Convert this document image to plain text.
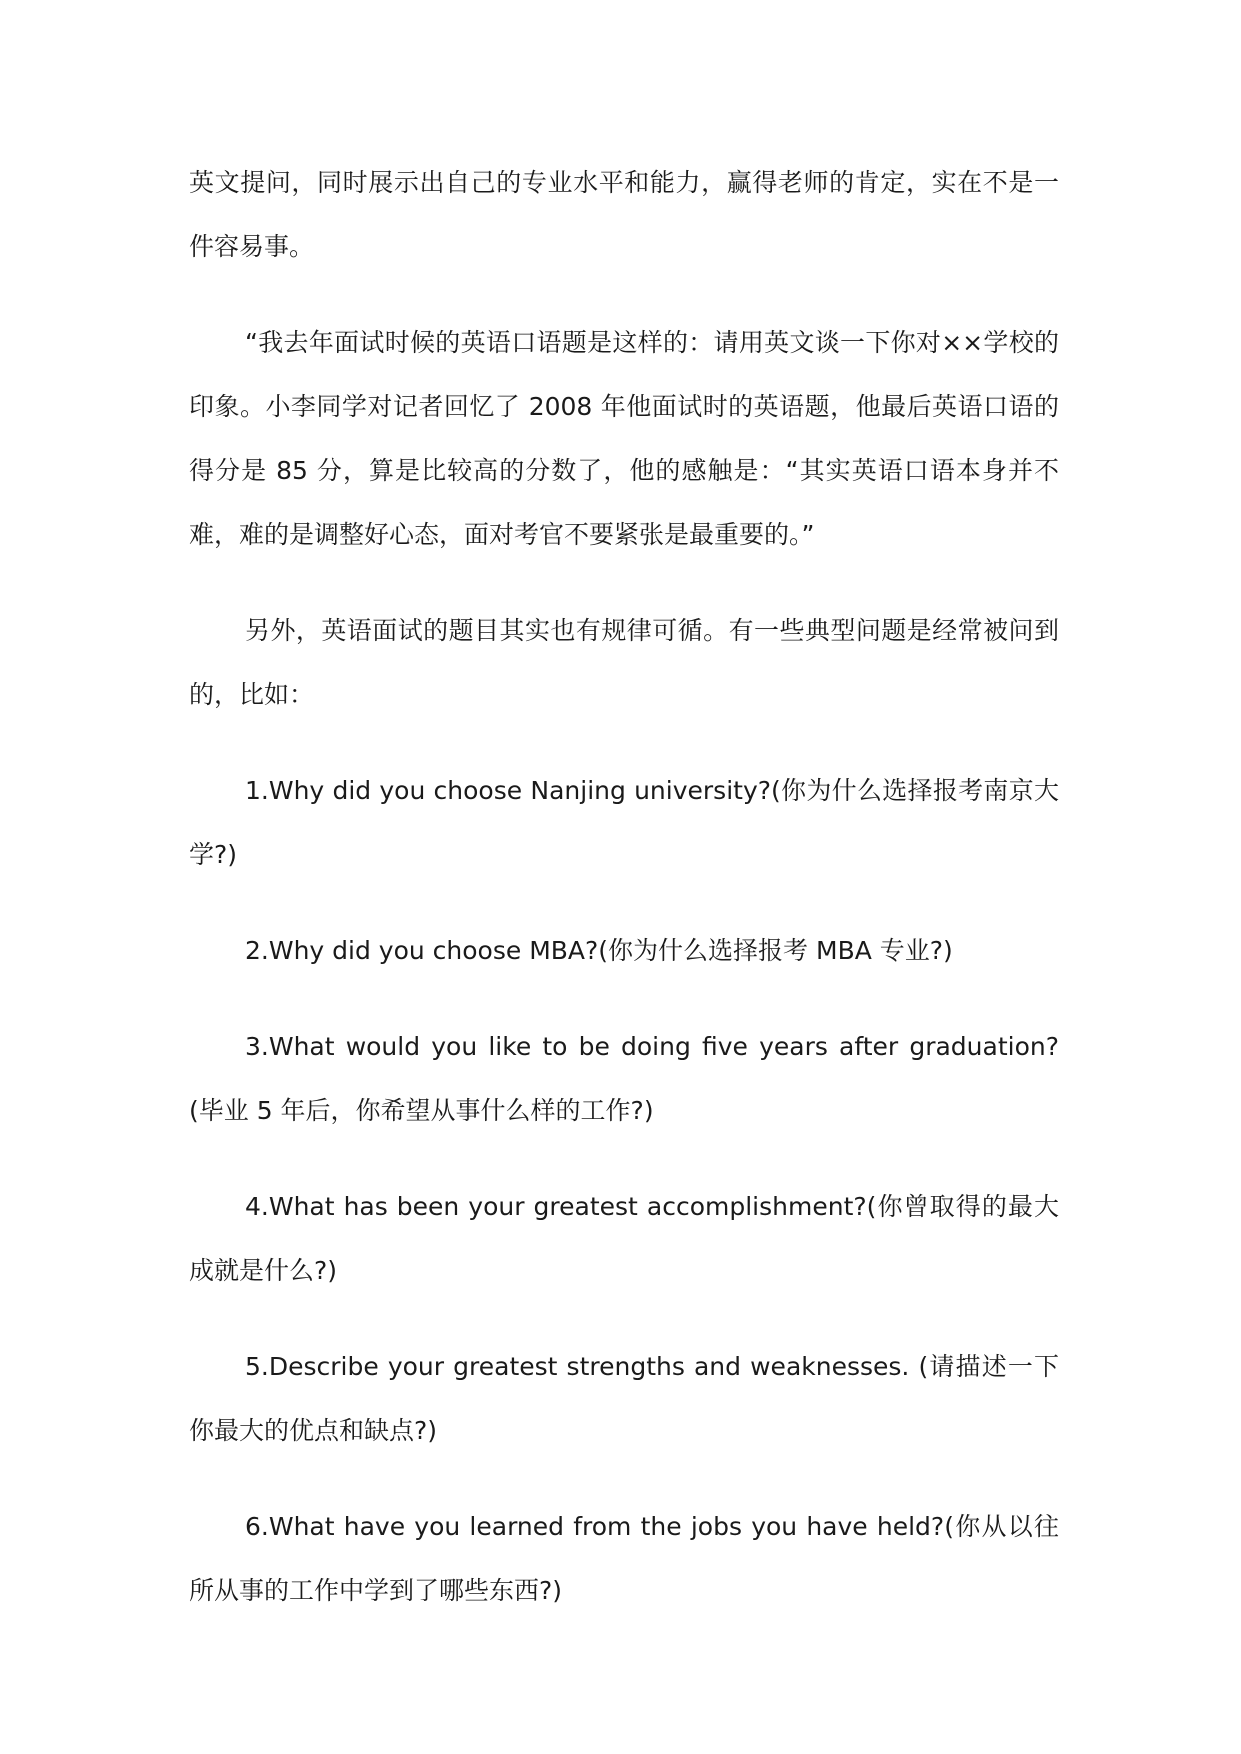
英文提问，同时展示出自己的专业水平和能力，赢得老师的肯定，实在不是一件容易事。

“我去年面试时候的英语口语题是这样的：请用英文谈一下你对××学校的印象。小李同学对记者回忆了 2008 年他面试时的英语题，他最后英语口语的得分是 85 分，算是比较高的分数了，他的感触是：“其实英语口语本身并不难，难的是调整好心态，面对考官不要紧张是最重要的。”

另外，英语面试的题目其实也有规律可循。有一些典型问题是经常被问到的，比如：

1.Why did you choose Nanjing university?(你为什么选择报考南京大学?)

2.Why did you choose MBA?(你为什么选择报考 MBA 专业?)

3.What would you like to be doing five years after graduation?(毕业 5 年后，你希望从事什么样的工作?)

4.What has been your greatest accomplishment?(你曾取得的最大成就是什么?)

5.Describe your greatest strengths and weaknesses. (请描述一下你最大的优点和缺点?)

6.What have you learned from the jobs you have held?(你从以往所从事的工作中学到了哪些东西?)
